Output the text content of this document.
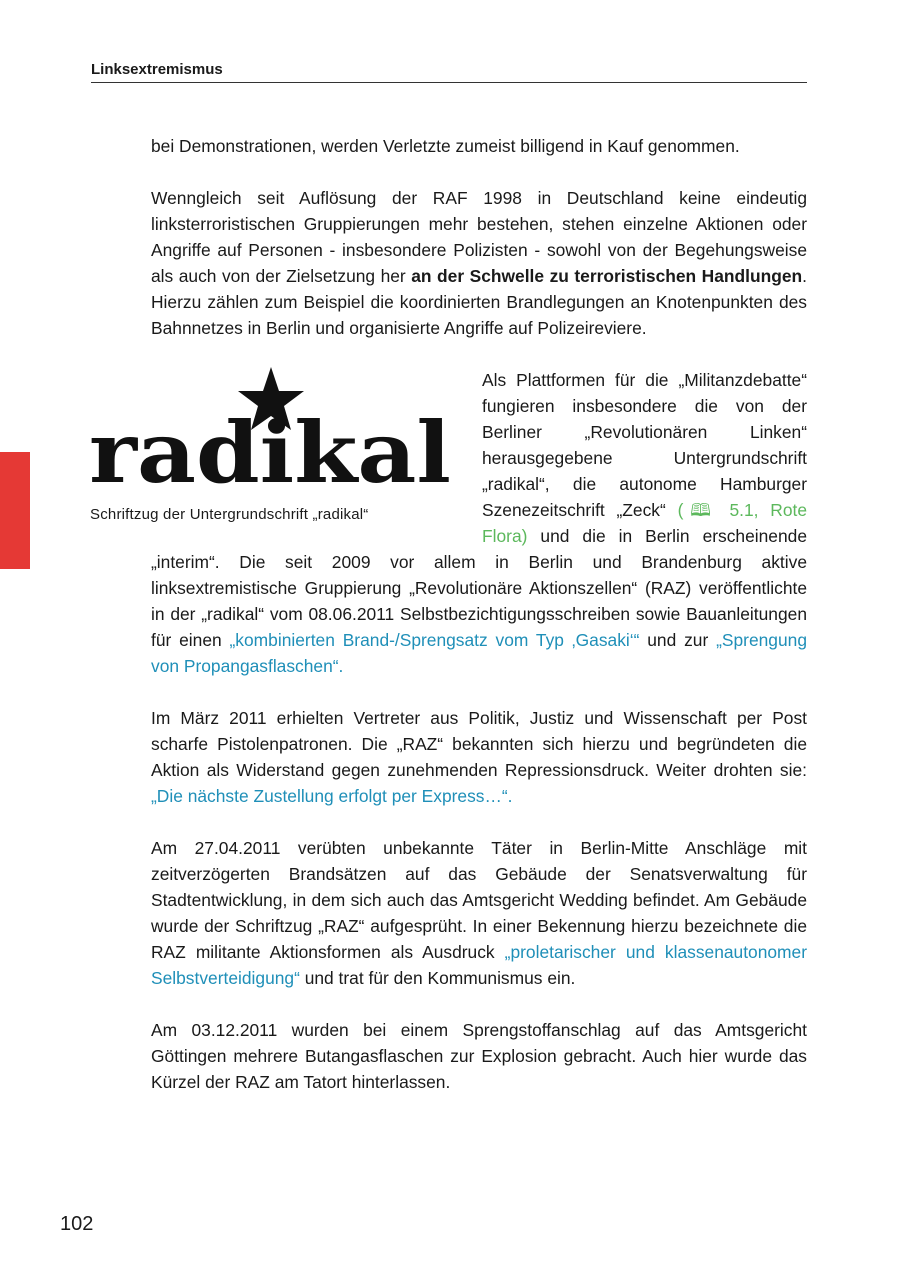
Linksextremismus

bei Demonstrationen, werden Verletzte zumeist billigend in Kauf genommen.

Wenngleich seit Auflösung der RAF 1998 in Deutschland keine eindeutig linksterroristischen Gruppierungen mehr bestehen, stehen einzelne Aktionen oder Angriffe auf Personen - insbesondere Polizisten - sowohl von der Begehungsweise als auch von der Zielsetzung her an der Schwelle zu terroristischen Handlungen. Hierzu zählen zum Beispiel die koordinierten Brandlegungen an Knotenpunkten des Bahnnetzes in Berlin und organisierte Angriffe auf Polizeireviere.

radikal
Schriftzug der Untergrundschrift „radikal“

Als Plattformen für die „Militanzdebatte“ fungieren insbesondere die von der Berliner „Revolutionären Linken“ herausgegebene Untergrundschrift „radikal“, die autonome Hamburger Szenezeitschrift „Zeck“ (🕮 5.1, Rote Flora) und die in Berlin erscheinende „interim“. Die seit 2009 vor allem in Berlin und Brandenburg aktive linksextremistische Gruppierung „Revolutionäre Aktionszellen“ (RAZ) veröffentlichte in der „radikal“ vom 08.06.2011 Selbstbezichtigungsschreiben sowie Bauanleitungen für einen „kombinierten Brand-/Sprengsatz vom Typ ‚Gasaki‘“ und zur „Sprengung von Propangasflaschen“.

Im März 2011 erhielten Vertreter aus Politik, Justiz und Wissenschaft per Post scharfe Pistolenpatronen. Die „RAZ“ bekannten sich hierzu und begründeten die Aktion als Widerstand gegen zunehmenden Repressionsdruck. Weiter drohten sie: „Die nächste Zustellung erfolgt per Express…“.

Am 27.04.2011 verübten unbekannte Täter in Berlin-Mitte Anschläge mit zeitverzögerten Brandsätzen auf das Gebäude der Senatsverwaltung für Stadtentwicklung, in dem sich auch das Amtsgericht Wedding befindet. Am Gebäude wurde der Schriftzug „RAZ“ aufgesprüht. In einer Bekennung hierzu bezeichnete die RAZ militante Aktionsformen als Ausdruck „proletarischer und klassenautonomer Selbstverteidigung“ und trat für den Kommunismus ein.

Am 03.12.2011 wurden bei einem Sprengstoffanschlag auf das Amtsgericht Göttingen mehrere Butangasflaschen zur Explosion gebracht. Auch hier wurde das Kürzel der RAZ am Tatort hinterlassen.

102
